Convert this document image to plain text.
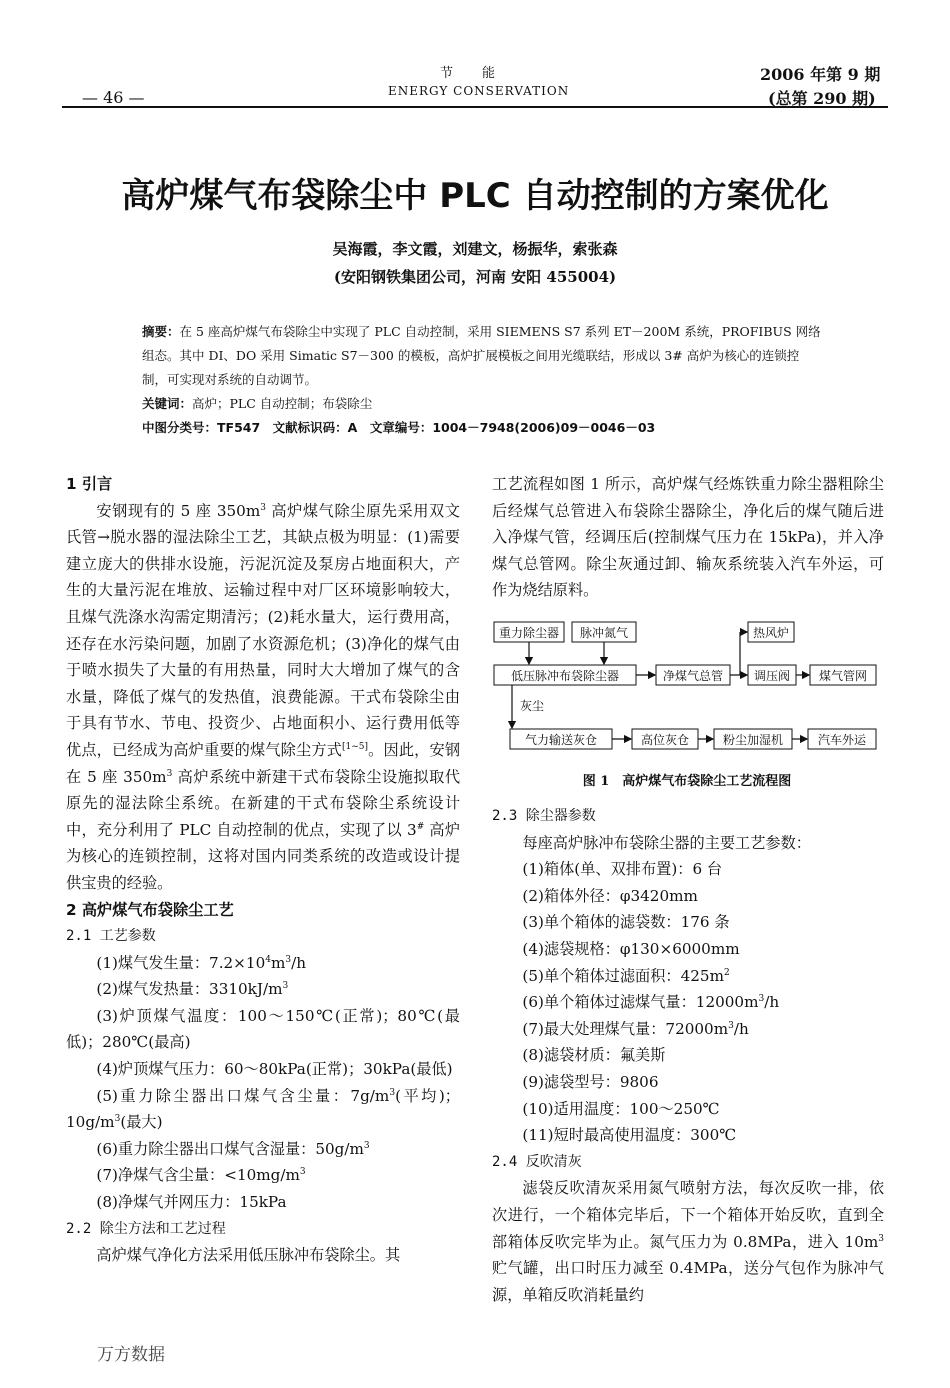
节　　能
ENERGY CONSERVATION
— 46 —
2006 年第 9 期
(总第 290 期)
高炉煤气布袋除尘中 PLC 自动控制的方案优化
吴海霞，李文霞，刘建文，杨振华，索张森
(安阳钢铁集团公司，河南 安阳 455004)
摘要：在 5 座高炉煤气布袋除尘中实现了 PLC 自动控制，采用 SIEMENS S7 系列 ET－200M 系统，PROFIBUS 网络组态。其中 DI、DO 采用 Simatic S7－300 的模板，高炉扩展模板之间用光缆联结，形成以 3# 高炉为核心的连锁控制，可实现对系统的自动调节。
关键词：高炉；PLC 自动控制；布袋除尘
中图分类号：TF547　文献标识码：A　文章编号：1004－7948(2006)09－0046－03

1 引言

安钢现有的 5 座 $350m^3$ 高炉煤气除尘原先采用双文氏管→脱水器的湿法除尘工艺，其缺点极为明显：(1)需要建立庞大的供排水设施，污泥沉淀及泵房占地面积大，产生的大量污泥在堆放、运输过程中对厂区环境影响较大，且煤气洗涤水沟需定期清污；(2)耗水量大，运行费用高，还存在水污染问题，加剧了水资源危机；(3)净化的煤气由于喷水损失了大量的有用热量，同时大大增加了煤气的含水量，降低了煤气的发热值，浪费能源。干式布袋除尘由于具有节水、节电、投资少、占地面积小、运行费用低等优点，已经成为高炉重要的煤气除尘方式[1~5]。因此，安钢在 5 座 $350m^3$ 高炉系统中新建干式布袋除尘设施拟取代原先的湿法除尘系统。在新建的干式布袋除尘系统设计中，充分利用了 PLC 自动控制的优点，实现了以 3# 高炉为核心的连锁控制，这将对国内同类系统的改造或设计提供宝贵的经验。

2 高炉煤气布袋除尘工艺

2.1 工艺参数

(1)煤气发生量：$7.2\times 10^4m^3/h$

(2)煤气发热量：$3310kJ/m^3$

(3)炉顶煤气温度：100～150℃(正常)；80℃(最低)；280℃(最高)

(4)炉顶煤气压力：60～80kPa(正常)；30kPa(最低)

(5)重力除尘器出口煤气含尘量：$7g/m^3$(平均)；$10g/m^3$(最大)

(6)重力除尘器出口煤气含湿量：$50g/m^3$

(7)净煤气含尘量：$<10mg/m^3$

(8)净煤气并网压力：15kPa

2.2 除尘方法和工艺过程

高炉煤气净化方法采用低压脉冲布袋除尘。其

工艺流程如图 1 所示，高炉煤气经炼铁重力除尘器粗除尘后经煤气总管进入布袋除尘器除尘，净化后的煤气随后进入净煤气管，经调压后(控制煤气压力在 15kPa)，并入净煤气总管网。除尘灰通过卸、输灰系统装入汽车外运，可作为烧结原料。

重力除尘器 脉冲氮气	热风炉
低压脉冲布袋除尘器	净煤气总管	调压阀 煤气管网
灰尘
气力输送灰仓	高位灰仓	粉尘加湿机	汽车外运
图 1　高炉煤气布袋除尘工艺流程图

2.3 除尘器参数

每座高炉脉冲布袋除尘器的主要工艺参数：

(1)箱体(单、双排布置)：6 台

(2)箱体外径：φ3420mm

(3)单个箱体的滤袋数：176 条

(4)滤袋规格：φ130×6000mm

(5)单个箱体过滤面积：$425m^2$

(6)单个箱体过滤煤气量：$12000m^3/h$

(7)最大处理煤气量：$72000m^3/h$

(8)滤袋材质：氟美斯

(9)滤袋型号：9806

(10)适用温度：100～250℃

(11)短时最高使用温度：300℃

2.4 反吹清灰

滤袋反吹清灰采用氮气喷射方法，每次反吹一排，依次进行，一个箱体完毕后，下一个箱体开始反吹，直到全部箱体反吹完毕为止。氮气压力为 0.8MPa，进入 $10m^3$ 贮气罐，出口时压力减至 0.4MPa，送分气包作为脉冲气源，单箱反吹消耗量约

万方数据
